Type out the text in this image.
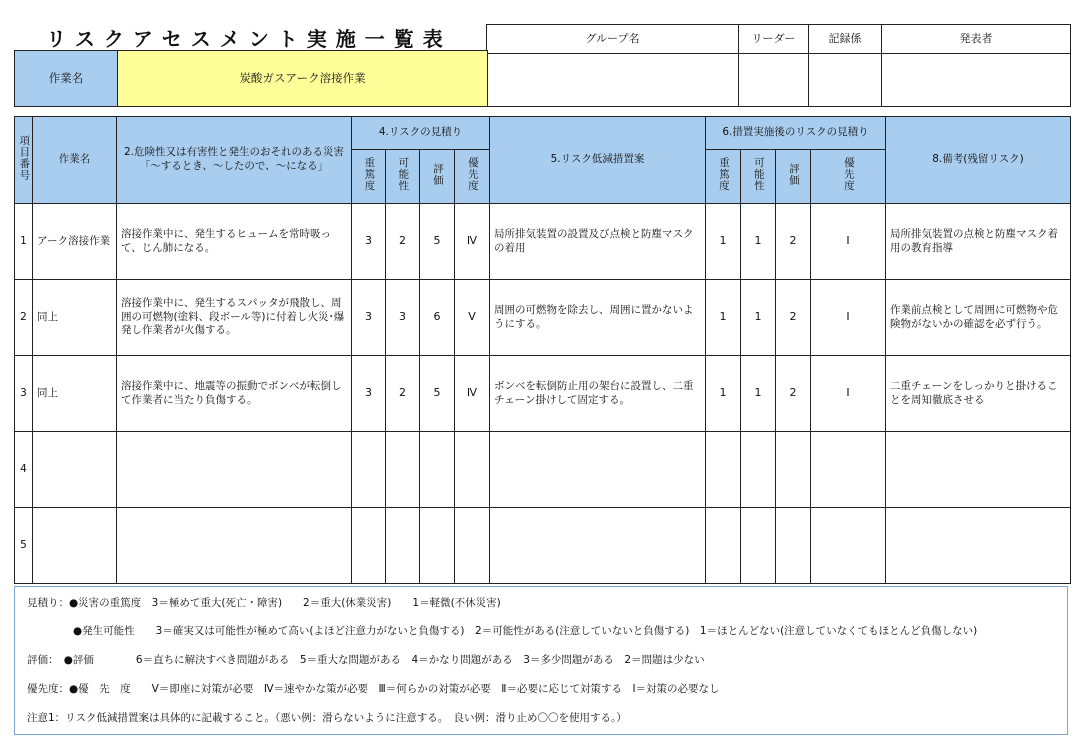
リスクアセスメント実施一覧表	グループ名	リーダー	記録係	発表者

作業名	炭酸ガスアーク溶接作業
項目番号	作業名	2.危険性又は有害性と発生のおそれのある災害「～するとき、～したので、～になる」	4.リスクの見積り				5.リスク低減措置案	6.措置実施後のリスクの見積り				8.備考(残留リスク)
			重篤度	可能性	評価	優先度		重篤度	可能性	評価	優先度	
1	アーク溶接作業	溶接作業中に、発生するヒュームを常時吸って、じん肺になる。	3	2	5	Ⅳ	局所排気装置の設置及び点検と防塵マスクの着用	1	1	2	Ⅰ	局所排気装置の点検と防塵マスク着用の教育指導
2	同上	溶接作業中に、発生するスパッタが飛散し、周囲の可燃物(塗料、段ボール等)に付着し火災･爆発し作業者が火傷する。	3	3	6	Ⅴ	周囲の可燃物を除去し、周囲に置かないようにする。	1	1	2	Ⅰ	作業前点検として周囲に可燃物や危険物がないかの確認を必ず行う。
3	同上	溶接作業中に、地震等の振動でボンベが転倒して作業者に当たり負傷する。	3	2	5	Ⅳ	ボンベを転倒防止用の架台に設置し、二重チェーン掛けして固定する。	1	1	2	Ⅰ	二重チェーンをしっかりと掛けることを周知徹底させる
4												
5												
見積り：●災害の重篤度　3＝極めて重大(死亡・障害)　　2＝重大(休業災害)　　1＝軽微(不休災害)
●発生可能性　　3＝確実又は可能性が極めて高い(よほど注意力がないと負傷する)　2＝可能性がある(注意していないと負傷する)　1＝ほとんどない(注意していなくてもほとんど負傷しない)
評価：　●評価　　　　6＝直ちに解決すべき問題がある　5＝重大な問題がある　4＝かなり問題がある　3＝多少問題がある　2＝問題は少ない
優先度：●優　先　度　　Ⅴ＝即座に対策が必要　Ⅳ＝速やかな策が必要　Ⅲ＝何らかの対策が必要　Ⅱ＝必要に応じて対策する　Ⅰ＝対策の必要なし
注意1：リスク低減措置案は具体的に記載すること。（悪い例：滑らないように注意する。　良い例：滑り止め〇〇を使用する。）
